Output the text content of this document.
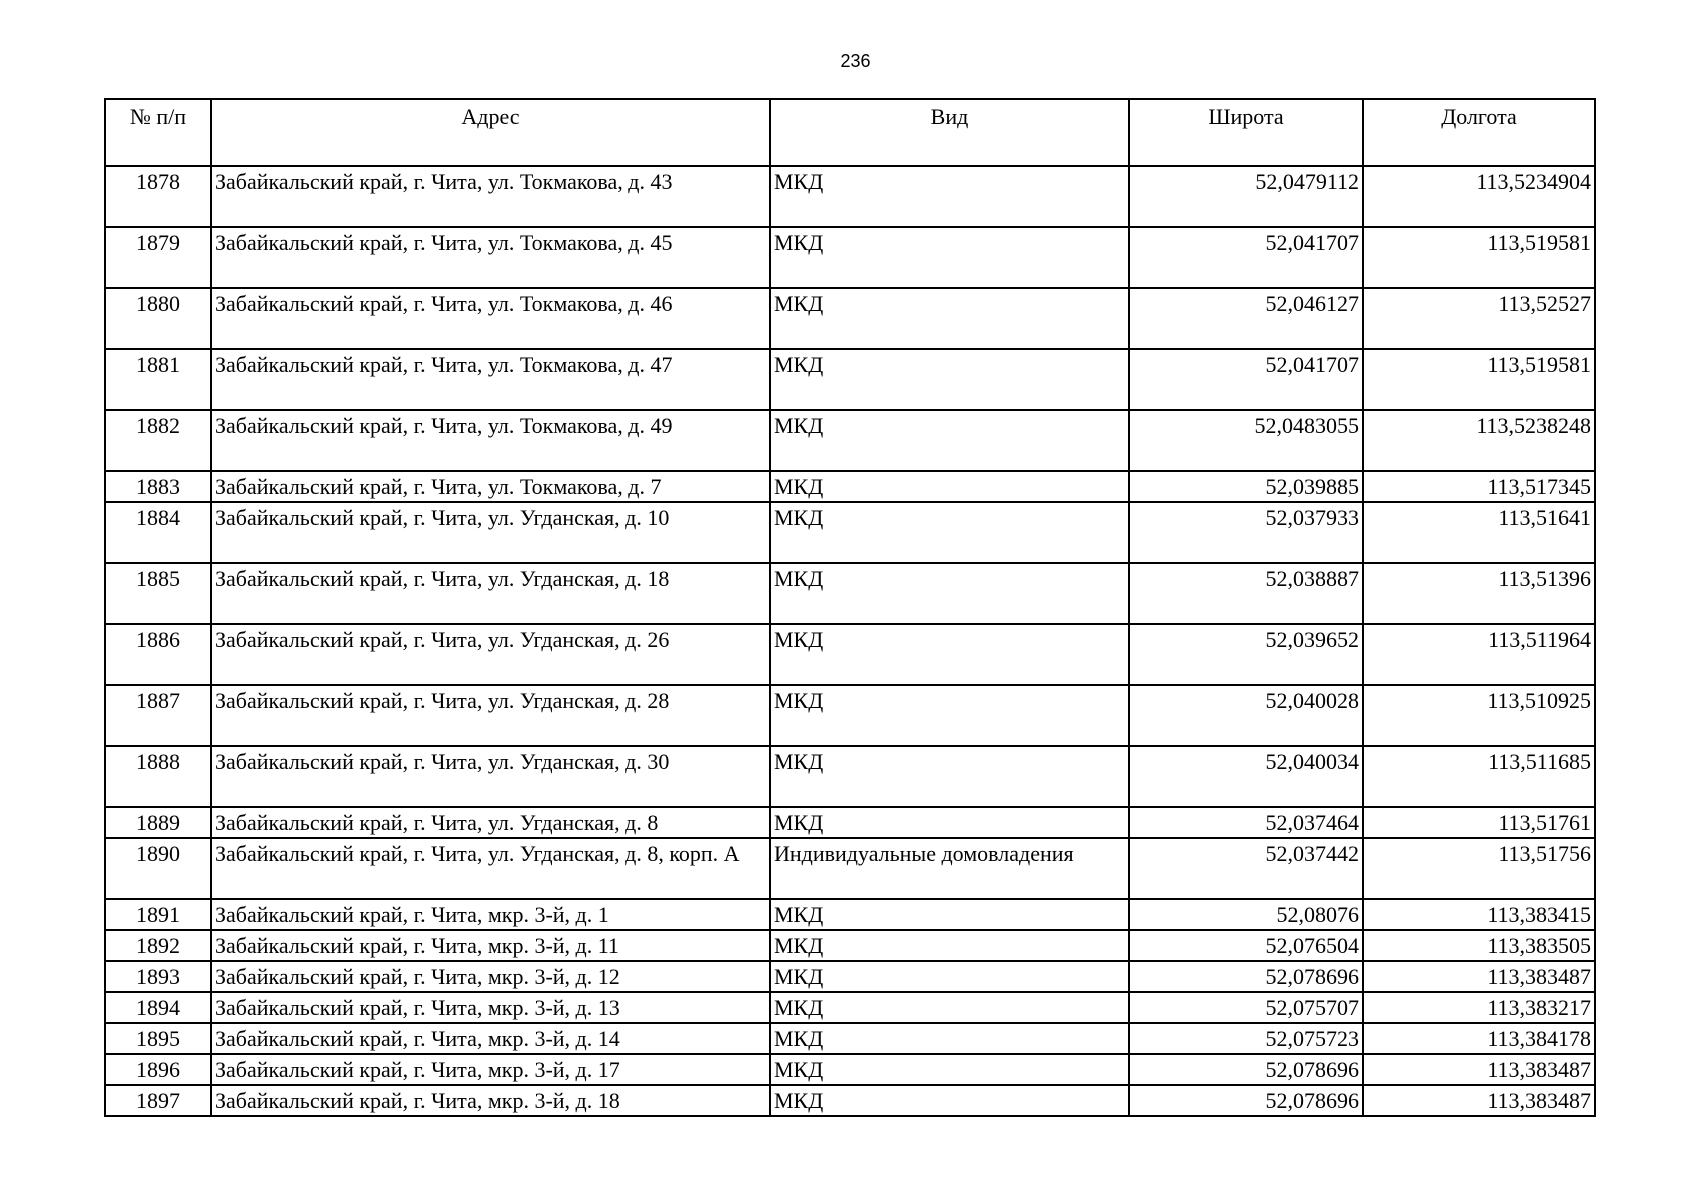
236
№ п/п	Адрес	Вид	Широта	Долгота
1878	Забайкальский край, г. Чита, ул. Токмакова, д. 43	МКД	52,0479112	113,5234904
1879	Забайкальский край, г. Чита, ул. Токмакова, д. 45	МКД	52,041707	113,519581
1880	Забайкальский край, г. Чита, ул. Токмакова, д. 46	МКД	52,046127	113,52527
1881	Забайкальский край, г. Чита, ул. Токмакова, д. 47	МКД	52,041707	113,519581
1882	Забайкальский край, г. Чита, ул. Токмакова, д. 49	МКД	52,0483055	113,5238248
1883	Забайкальский край, г. Чита, ул. Токмакова, д. 7	МКД	52,039885	113,517345
1884	Забайкальский край, г. Чита, ул. Угданская, д. 10	МКД	52,037933	113,51641
1885	Забайкальский край, г. Чита, ул. Угданская, д. 18	МКД	52,038887	113,51396
1886	Забайкальский край, г. Чита, ул. Угданская, д. 26	МКД	52,039652	113,511964
1887	Забайкальский край, г. Чита, ул. Угданская, д. 28	МКД	52,040028	113,510925
1888	Забайкальский край, г. Чита, ул. Угданская, д. 30	МКД	52,040034	113,511685
1889	Забайкальский край, г. Чита, ул. Угданская, д. 8	МКД	52,037464	113,51761
1890	Забайкальский край, г. Чита, ул. Угданская, д. 8, корп. А	Индивидуальные домовладения	52,037442	113,51756
1891	Забайкальский край, г. Чита, мкр. 3-й, д. 1	МКД	52,08076	113,383415
1892	Забайкальский край, г. Чита, мкр. 3-й, д. 11	МКД	52,076504	113,383505
1893	Забайкальский край, г. Чита, мкр. 3-й, д. 12	МКД	52,078696	113,383487
1894	Забайкальский край, г. Чита, мкр. 3-й, д. 13	МКД	52,075707	113,383217
1895	Забайкальский край, г. Чита, мкр. 3-й, д. 14	МКД	52,075723	113,384178
1896	Забайкальский край, г. Чита, мкр. 3-й, д. 17	МКД	52,078696	113,383487
1897	Забайкальский край, г. Чита, мкр. 3-й, д. 18	МКД	52,078696	113,383487
